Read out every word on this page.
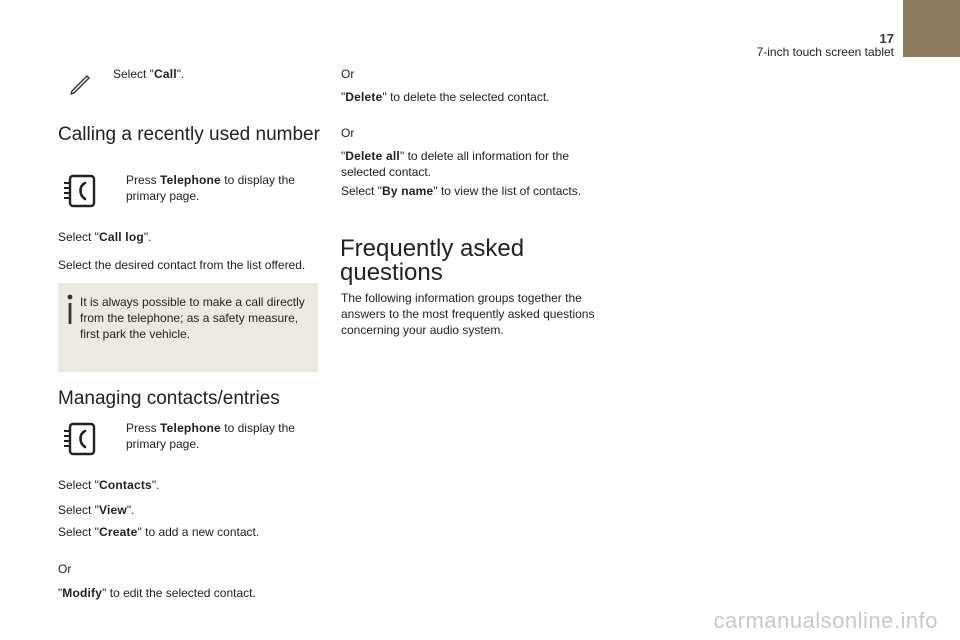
17
7-inch touch screen tablet
Select "Call".
Calling a recently used number
Press Telephone to display the
primary page.
Select "Call log".
Select the desired contact from the list offered.
It is always possible to make a call directly
from the telephone; as a safety measure,
first park the vehicle.
Managing contacts/entries
Press Telephone to display the
primary page.
Select "Contacts".
Select "View".
Select "Create" to add a new contact.
Or
"Modify" to edit the selected contact.
Or
"Delete" to delete the selected contact.
Or
"Delete all" to delete all information for the
selected contact.
Select "By name" to view the list of contacts.
Frequently asked
questions
The following information groups together the
answers to the most frequently asked questions
concerning your audio system.
carmanualsonline.info
